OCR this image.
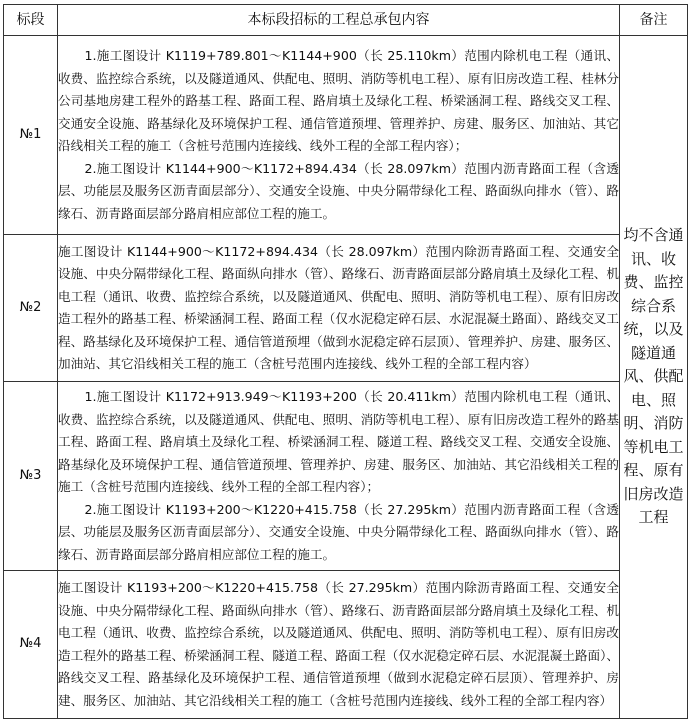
标段	本标段招标的工程总承包内容	备注
№1	1.施工图设计 K1119+789.801～K1144+900（长 25.110km）范围内除机电工程（通讯、收费、监控综合系统，以及隧道通风、供配电、照明、消防等机电工程）、原有旧房改造工程、桂林分公司基地房建工程外的路基工程、路面工程、路肩填土及绿化工程、桥梁涵洞工程、路线交叉工程、交通安全设施、路基绿化及环境保护工程、通信管道预埋、管理养护、房建、服务区、加油站、其它沿线相关工程的施工（含桩号范围内连接线、线外工程的全部工程内容）；

2.施工图设计 K1144+900～K1172+894.434（长 28.097km）范围内沥青路面工程（含透层、功能层及服务区沥青面层部分）、交通安全设施、中央分隔带绿化工程、路面纵向排水（管）、路缘石、沥青路面层部分路肩相应部位工程的施工。	均不含通讯、收费、监控综合系统，以及隧道通风、供配电、照明、消防等机电工程、原有旧房改造工程
№2	施工图设计 K1144+900～K1172+894.434（长 28.097km）范围内除沥青路面工程、交通安全设施、中央分隔带绿化工程、路面纵向排水（管）、路缘石、沥青路面层部分路肩填土及绿化工程、机电工程（通讯、收费、监控综合系统，以及隧道通风、供配电、照明、消防等机电工程）、原有旧房改造工程外的路基工程、桥梁涵洞工程、路面工程（仅水泥稳定碎石层、水泥混凝土路面）、路线交叉工程、路基绿化及环境保护工程、通信管道预埋（做到水泥稳定碎石层顶）、管理养护、房建、服务区、加油站、其它沿线相关工程的施工（含桩号范围内连接线、线外工程的全部工程内容）	

№3	1.施工图设计 K1172+913.949～K1193+200（长 20.411km）范围内除机电工程（通讯、收费、监控综合系统，以及隧道通风、供配电、照明、消防等机电工程）、原有旧房改造工程外的路基工程、路面工程、路肩填土及绿化工程、桥梁涵洞工程、隧道工程、路线交叉工程、交通安全设施、路基绿化及环境保护工程、通信管道预埋、管理养护、房建、服务区、加油站、其它沿线相关工程的施工（含桩号范围内连接线、线外工程的全部工程内容）；

2.施工图设计 K1193+200～K1220+415.758（长 27.295km）范围内沥青路面工程（含透层、功能层及服务区沥青面层部分）、交通安全设施、中央分隔带绿化工程、路面纵向排水（管）、路缘石、沥青路面层部分路肩相应部位工程的施工。	

№4	施工图设计 K1193+200～K1220+415.758（长 27.295km）范围内除沥青路面工程、交通安全设施、中央分隔带绿化工程、路面纵向排水（管）、路缘石、沥青路面层部分路肩填土及绿化工程、机电工程（通讯、收费、监控综合系统，以及隧道通风、供配电、照明、消防等机电工程）、原有旧房改造工程外的路基工程、桥梁涵洞工程、隧道工程、路面工程（仅水泥稳定碎石层、水泥混凝土路面）、路线交叉工程、路基绿化及环境保护工程、通信管道预埋（做到水泥稳定碎石层顶）、管理养护、房建、服务区、加油站、其它沿线相关工程的施工（含桩号范围内连接线、线外工程的全部工程内容）	
